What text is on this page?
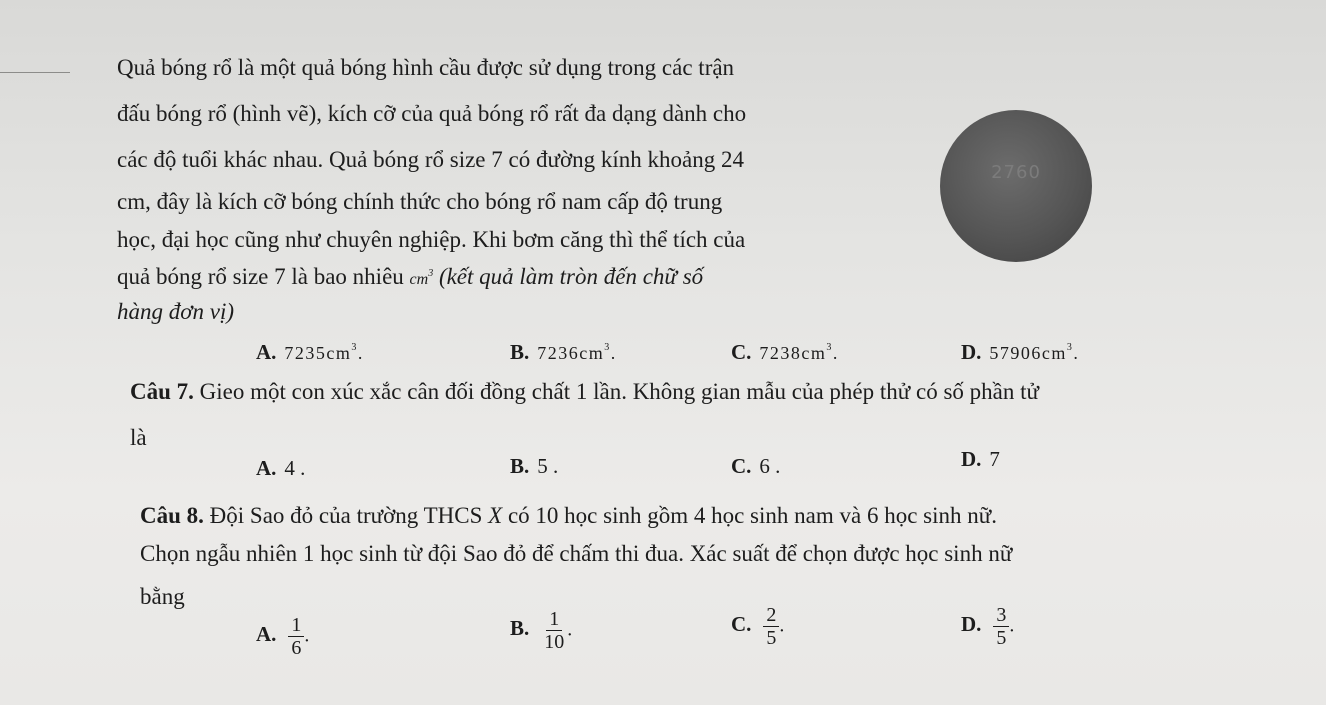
Quả bóng rổ là một quả bóng hình cầu được sử dụng trong các trận
đấu bóng rổ (hình vẽ), kích cỡ của quả bóng rổ rất đa dạng dành cho
các độ tuổi khác nhau. Quả bóng rổ size 7 có đường kính khoảng 24
cm, đây là kích cỡ bóng chính thức cho bóng rổ nam cấp độ trung
học, đại học cũng như chuyên nghiệp. Khi bơm căng thì thể tích của
quả bóng rổ size 7 là bao nhiêu $cm^3$ (kết quả làm tròn đến chữ số
hàng đơn vị)
2760
A. $7235cm^3$.	B. $7236cm^3$.	C. $7238cm^3$.	D. $57906cm^3$.
Câu 7. Gieo một con xúc xắc cân đối đồng chất 1 lần. Không gian mẫu của phép thử có số phần tử
là
A. 4 .	B. 5 .	C. 6 .	D. 7
Câu 8. Đội Sao đỏ của trường THCS X có 10 học sinh gồm 4 học sinh nam và 6 học sinh nữ.
Chọn ngẫu nhiên 1 học sinh từ đội Sao đỏ để chấm thi đua. Xác suất để chọn được học sinh nữ
bằng
A. $\frac{1}{6}$ .	B. $\frac{1}{10}$ .	C. $\frac{2}{5}$ .	D. $\frac{3}{5}$ .
